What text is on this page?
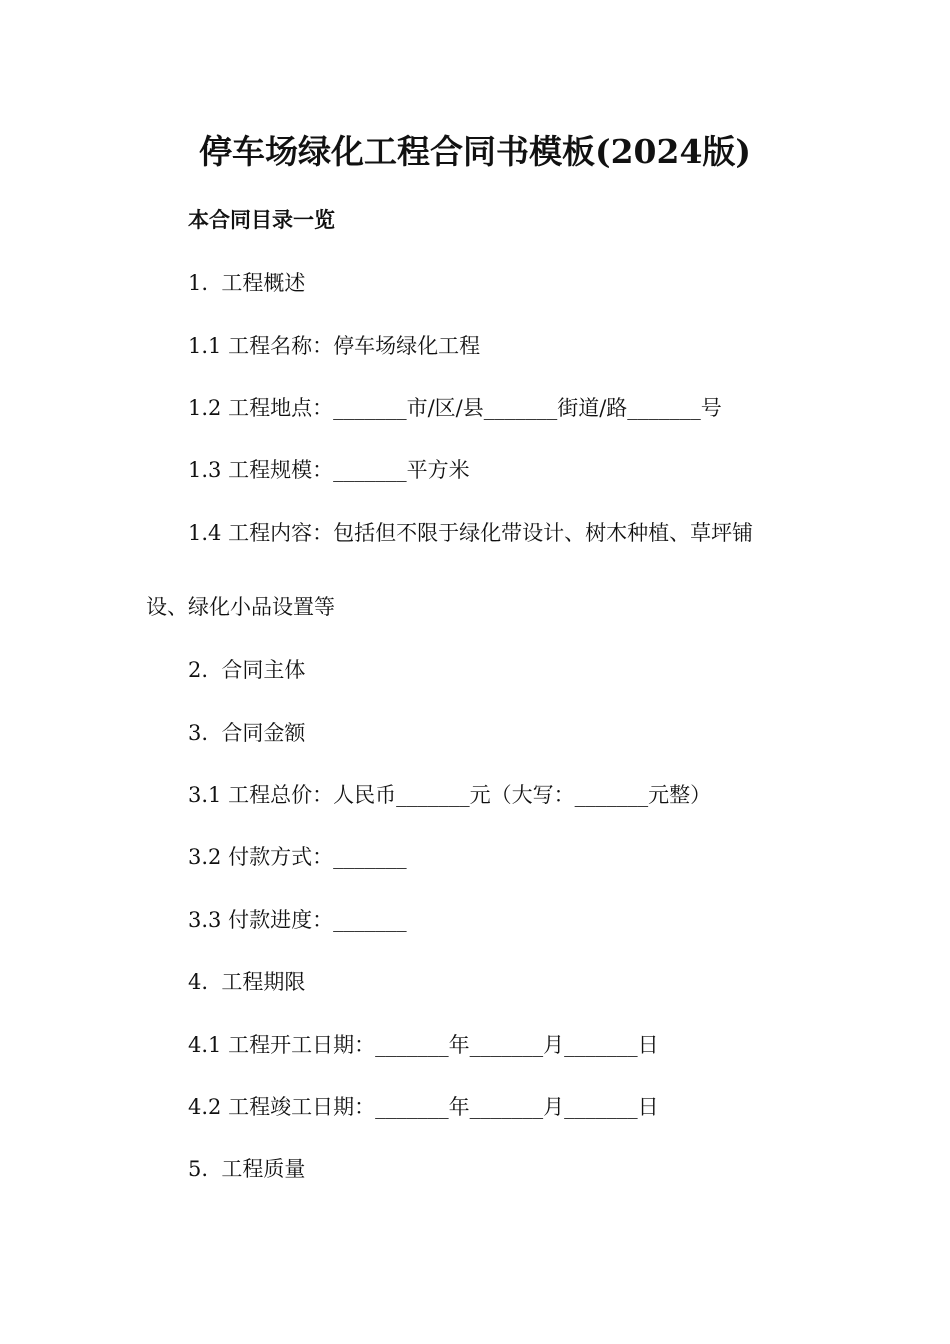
停车场绿化工程合同书模板(2024版)
本合同目录一览
1.  工程概述
1.1 工程名称：停车场绿化工程
1.2 工程地点：_______市/区/县_______街道/路_______号
1.3 工程规模：_______平方米
1.4 工程内容：包括但不限于绿化带设计、树木种植、草坪铺
设、绿化小品设置等
2.  合同主体
3.  合同金额
3.1 工程总价：人民币_______元（大写：_______元整）
3.2 付款方式：_______
3.3 付款进度：_______
4.  工程期限
4.1 工程开工日期：_______年_______月_______日
4.2 工程竣工日期：_______年_______月_______日
5.  工程质量
